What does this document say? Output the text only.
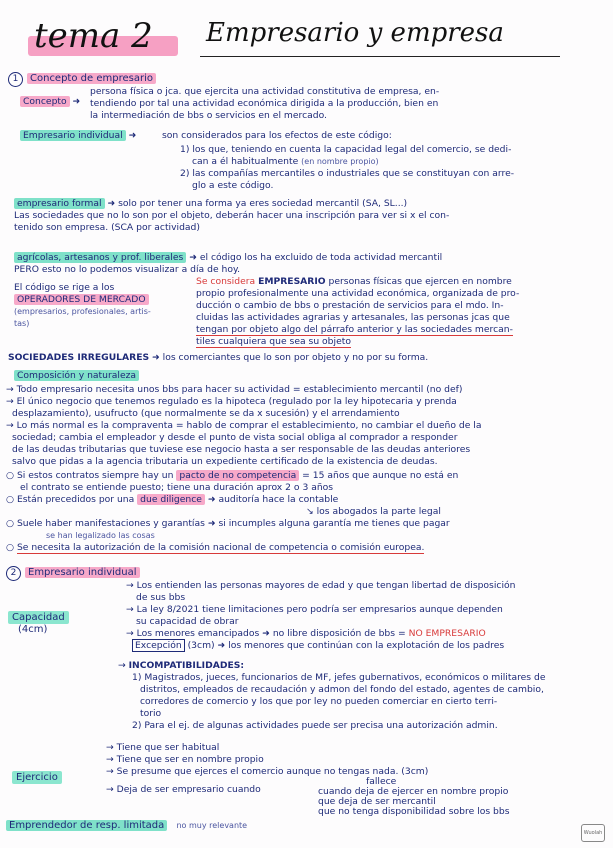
tema 2 Empresario y empresa
1 Concepto de empresario
Concepto ➜
persona física o jca. que ejercita una actividad constitutiva de empresa, en-
tendiendo por tal una actividad económica dirigida a la producción, bien en
la intermediación de bbs o servicios en el mercado.
Empresario individual ➜	son considerados para los efectos de este código:
1) los que, teniendo en cuenta la capacidad legal del comercio, se dedi-
can a él habitualmente (en nombre propio)
2) las compañías mercantiles o industriales que se constituyan con arre-
glo a este código.
empresario formal ➜ solo por tener una forma ya eres sociedad mercantil (SA, SL...)
Las sociedades que no lo son por el objeto, deberán hacer una inscripción para ver si x el con-
tenido son empresa. (SCA por actividad)
agrícolas, artesanos y prof. liberales ➜ el código los ha excluido de toda actividad mercantil
PERO esto no lo podemos visualizar a día de hoy.
El código se rige a los
OPERADORES DE MERCADO
(empresarios, profesionales, artis-
tas)
Se considera EMPRESARIO personas físicas que ejercen en nombre
propio profesionalmente una actividad económica, organizada de pro-
ducción o cambio de bbs o prestación de servicios para el mdo. In-
cluidas las actividades agrarias y artesanales, las personas jcas que
tengan por objeto algo del párrafo anterior y las sociedades mercan-
tiles cualquiera que sea su objeto
SOCIEDADES IRREGULARES ➜ los comerciantes que lo son por objeto y no por su forma.
Composición y naturaleza
→ Todo empresario necesita unos bbs para hacer su actividad = establecimiento mercantil (no def)
→ El único negocio que tenemos regulado es la hipoteca (regulado por la ley hipotecaria y prenda
desplazamiento), usufructo (que normalmente se da x sucesión) y el arrendamiento
→ Lo más normal es la compraventa = hablo de comprar el establecimiento, no cambiar el dueño de la
sociedad; cambia el empleador y desde el punto de vista social obliga al comprador a responder
de las deudas tributarias que tuviese ese negocio hasta a ser responsable de las deudas anteriores
salvo que pidas a la agencia tributaria un expediente certificado de la existencia de deudas.
○ Si estos contratos siempre hay un pacto de no competencia = 15 años que aunque no está en
el contrato se entiende puesto; tiene una duración aprox 2 o 3 años
○ Están precedidos por una due diligence ➜ auditoría hace la contable
↘ los abogados la parte legal
○ Suele haber manifestaciones y garantías ➜ si incumples alguna garantía me tienes que pagar
se han legalizado las cosas
○ Se necesita la autorización de la comisión nacional de competencia o comisión europea.
2 Empresario individual
Capacidad
(4cm)
→ Los entienden las personas mayores de edad y que tengan libertad de disposición
de sus bbs
→ La ley 8/2021 tiene limitaciones pero podría ser empresarios aunque dependen
su capacidad de obrar
→ Los menores emancipados ➜ no libre disposición de bbs = NO EMPRESARIO
Excepción (3cm) ➜ los menores que continúan con la explotación de los padres
→ INCOMPATIBILIDADES:
1) Magistrados, jueces, funcionarios de MF, jefes gubernativos, económicos o militares de
distritos, empleados de recaudación y admon del fondo del estado, agentes de cambio,
corredores de comercio y los que por ley no pueden comerciar en cierto terri-
torio
2) Para el ej. de algunas actividades puede ser precisa una autorización admin.
Ejercicio
→ Tiene que ser habitual
→ Tiene que ser en nombre propio
→ Se presume que ejerces el comercio aunque no tengas nada. (3cm)
→ Deja de ser empresario cuando
fallece
cuando deja de ejercer en nombre propio
que deja de ser mercantil
que no tenga disponibilidad sobre los bbs
Emprendedor de resp. limitada no muy relevante
Wuolah
